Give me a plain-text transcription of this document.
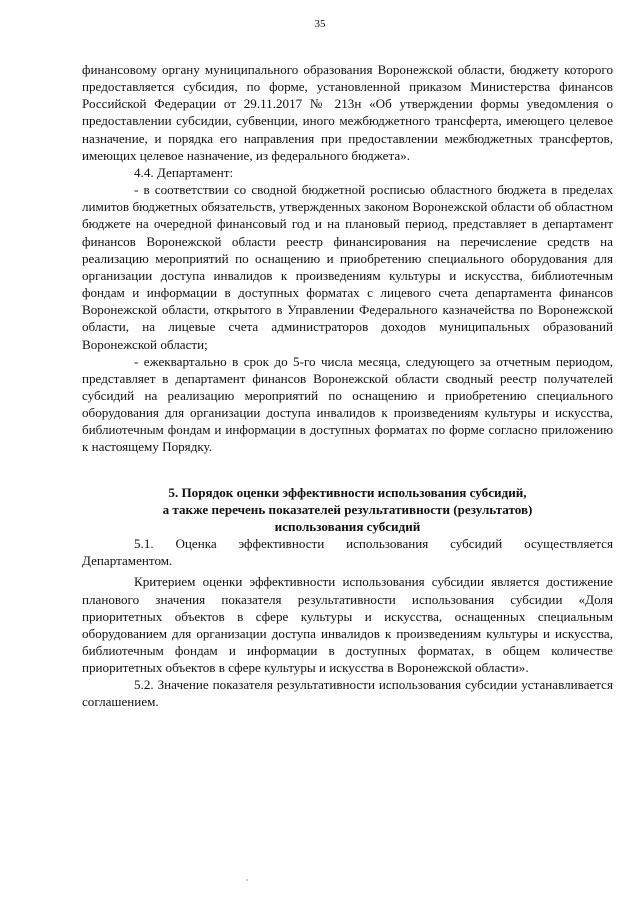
35

финансовому органу муниципального образования Воронежской области, бюджету которого предоставляется субсидия, по форме, установленной приказом Министерства финансов Российской Федерации от 29.11.2017 № 213н «Об утверждении формы уведомления о предоставлении субсидии, субвенции, иного межбюджетного трансферта, имеющего целевое назначение, и порядка его направления при предоставлении межбюджетных трансфертов, имеющих целевое назначение, из федерального бюджета».

4.4. Департамент:

- в соответствии со сводной бюджетной росписью областного бюджета в пределах лимитов бюджетных обязательств, утвержденных законом Воронежской области об областном бюджете на очередной финансовый год и на плановый период, представляет в департамент финансов Воронежской области реестр финансирования на перечисление средств на реализацию мероприятий по оснащению и приобретению специального оборудования для организации доступа инвалидов к произведениям культуры и искусства, библиотечным фондам и информации в доступных форматах с лицевого счета департамента финансов Воронежской области, открытого в Управлении Федерального казначейства по Воронежской области, на лицевые счета администраторов доходов муниципальных образований Воронежской области;

- ежеквартально в срок до 5-го числа месяца, следующего за отчетным периодом, представляет в департамент финансов Воронежской области сводный реестр получателей субсидий на реализацию мероприятий по оснащению и приобретению специального оборудования для организации доступа инвалидов к произведениям культуры и искусства, библиотечным фондам и информации в доступных форматах по форме согласно приложению к настоящему Порядку.

5. Порядок оценки эффективности использования субсидий,
а также перечень показателей результативности (результатов)
использования субсидий

5.1. Оценка эффективности использования субсидий осуществляется Департаментом.

Критерием оценки эффективности использования субсидии является достижение планового значения показателя результативности использования субсидии «Доля приоритетных объектов в сфере культуры и искусства, оснащенных специальным оборудованием для организации доступа инвалидов к произведениям культуры и искусства, библиотечным фондам и информации в доступных форматах, в общем количестве приоритетных объектов в сфере культуры и искусства в Воронежской области».

5.2. Значение показателя результативности использования субсидии устанавливается соглашением.
